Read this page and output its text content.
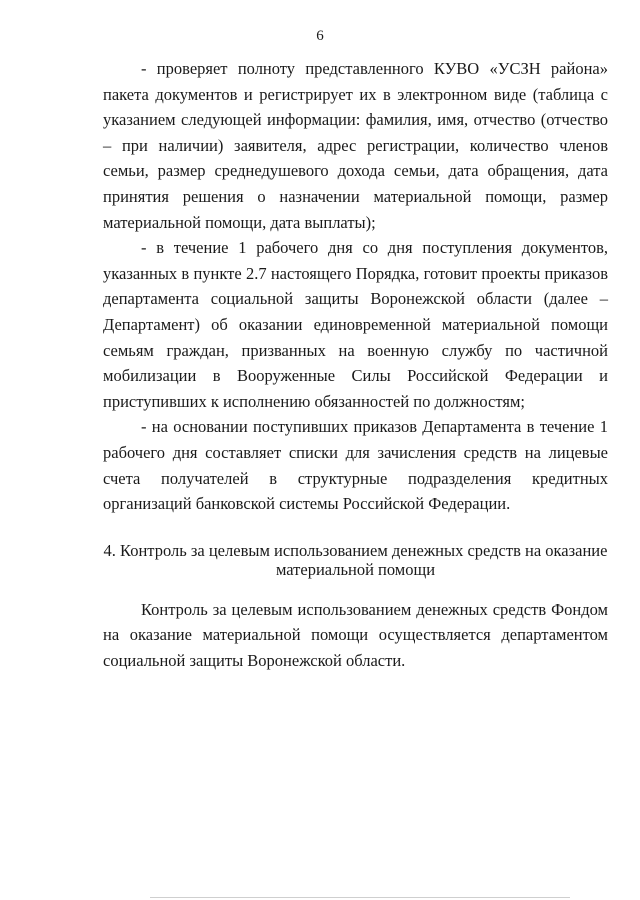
6

- проверяет полноту представленного КУВО «УСЗН района» пакета документов и регистрирует их в электронном виде (таблица с указанием следующей информации: фамилия, имя, отчество (отчество – при наличии) заявителя, адрес регистрации, количество членов семьи, размер среднедушевого дохода семьи, дата обращения, дата принятия решения о назначении материальной помощи, размер материальной помощи, дата выплаты);

- в течение 1 рабочего дня со дня поступления документов, указанных в пункте 2.7 настоящего Порядка, готовит проекты приказов департамента социальной защиты Воронежской области (далее – Департамент) об оказании единовременной материальной помощи семьям граждан, призванных на военную службу по частичной мобилизации в Вооруженные Силы Российской Федерации и приступивших к исполнению обязанностей по должностям;

- на основании поступивших приказов Департамента в течение 1 рабочего дня составляет списки для зачисления средств на лицевые счета получателей в структурные подразделения кредитных организаций банковской системы Российской Федерации.

4. Контроль за целевым использованием денежных средств на оказание
материальной помощи

Контроль за целевым использованием денежных средств Фондом на оказание материальной помощи осуществляется департаментом социальной защиты Воронежской области.
